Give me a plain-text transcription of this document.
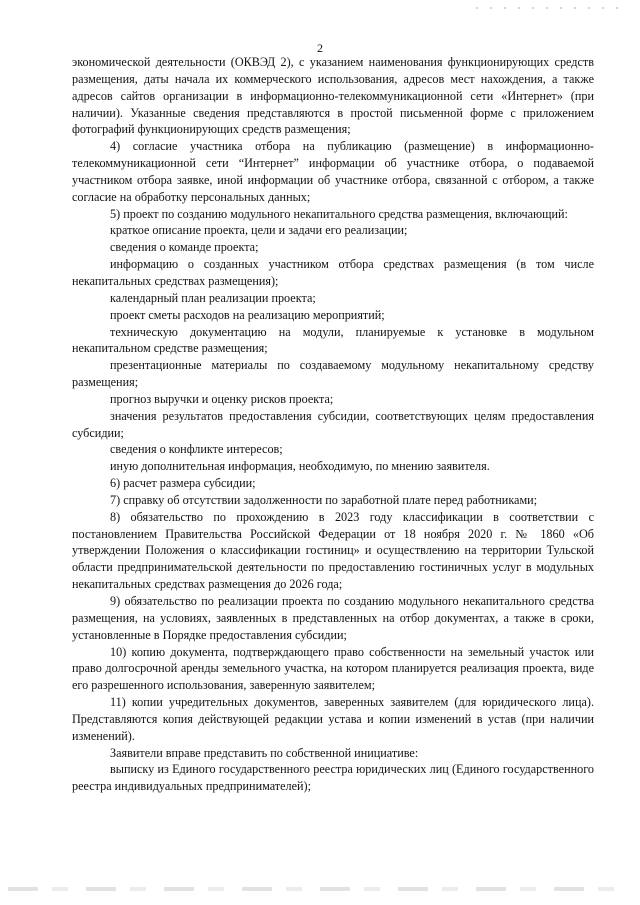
2

экономической деятельности (ОКВЭД 2), с указанием наименования функционирующих средств размещения, даты начала их коммерческого использования, адресов мест нахождения, а также адресов сайтов организации в информационно-телекоммуникационной сети «Интернет» (при наличии). Указанные сведения представляются в простой письменной форме с приложением фотографий функционирующих средств размещения;

4) согласие участника отбора на публикацию (размещение) в информационно-телекоммуникационной сети “Интернет” информации об участнике отбора, о подаваемой участником отбора заявке, иной информации об участнике отбора, связанной с отбором, а также согласие на обработку персональных данных;

5) проект по созданию модульного некапитального средства размещения, включающий:

краткое описание проекта, цели и задачи его реализации;

сведения о команде проекта;

информацию о созданных участником отбора средствах размещения (в том числе некапитальных средствах размещения);

календарный план реализации проекта;

проект сметы расходов на реализацию мероприятий;

техническую документацию на модули, планируемые к установке в модульном некапитальном средстве размещения;

презентационные материалы по создаваемому модульному некапитальному средству размещения;

прогноз выручки и оценку рисков проекта;

значения результатов предоставления субсидии, соответствующих целям предоставления субсидии;

сведения о конфликте интересов;

иную дополнительная информация, необходимую, по мнению заявителя.

6) расчет размера субсидии;

7) справку об отсутствии задолженности по заработной плате перед работниками;

8) обязательство по прохождению в 2023 году классификации в соответствии с постановлением Правительства Российской Федерации от 18 ноября 2020 г. № 1860 «Об утверждении Положения о классификации гостиниц» и осуществлению на территории Тульской области предпринимательской деятельности по предоставлению гостиничных услуг в модульных некапитальных средствах размещения до 2026 года;

9) обязательство по реализации проекта по созданию модульного некапитального средства размещения, на условиях, заявленных в представленных на отбор документах, а также в сроки, установленные в Порядке предоставления субсидии;

10) копию документа, подтверждающего право собственности на земельный участок или право долгосрочной аренды земельного участка, на котором планируется реализация проекта, виде его разрешенного использования, заверенную заявителем;

11) копии учредительных документов, заверенных заявителем (для юридического лица). Представляются копия действующей редакции устава и копии изменений в устав (при наличии изменений).

Заявители вправе представить по собственной инициативе:

выписку из Единого государственного реестра юридических лиц (Единого государственного реестра индивидуальных предпринимателей);
